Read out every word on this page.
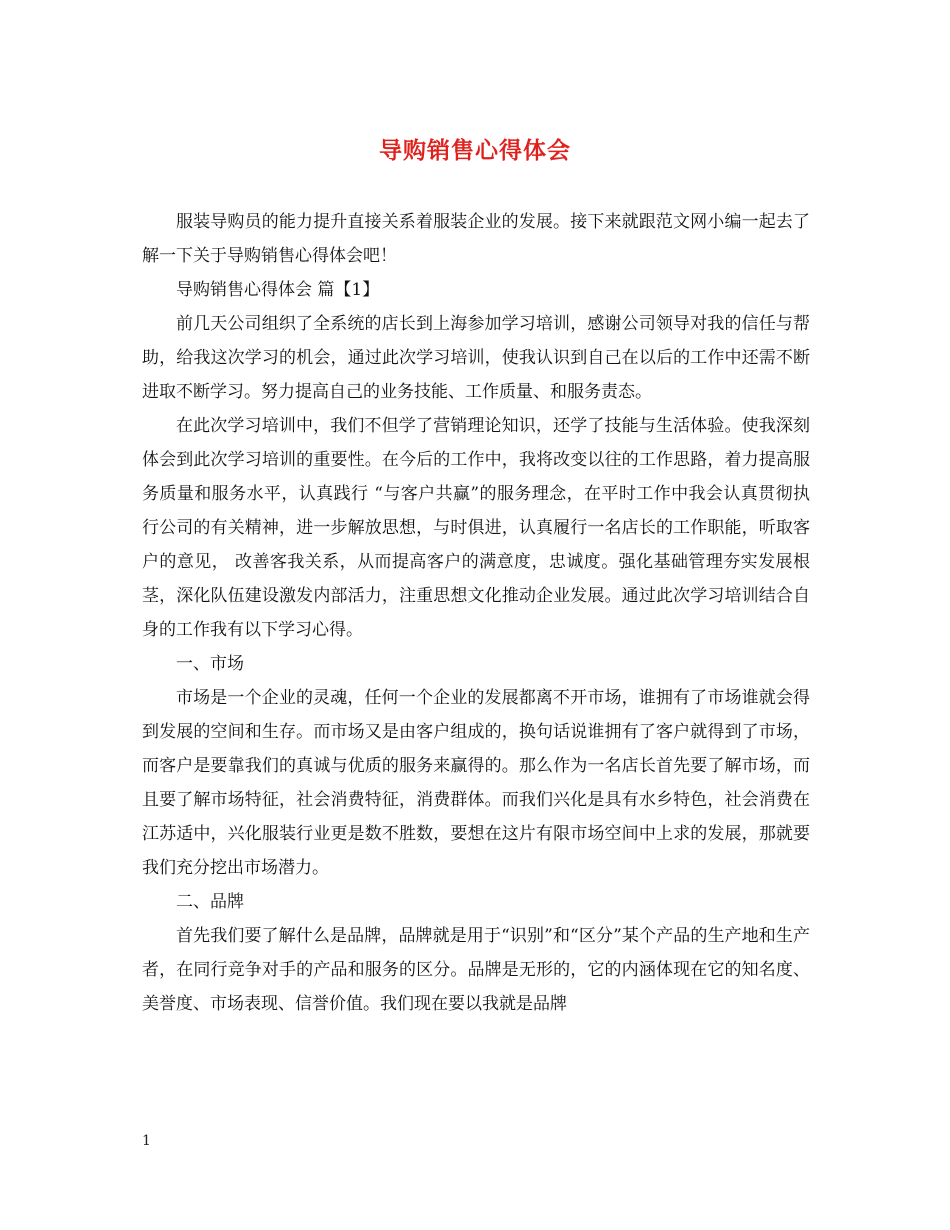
导购销售心得体会

服装导购员的能力提升直接关系着服装企业的发展。接下来就跟范文网小编一起去了解一下关于导购销售心得体会吧！

导购销售心得体会 篇【1】

前几天公司组织了全系统的店长到上海参加学习培训，感谢公司领导对我的信任与帮助，给我这次学习的机会，通过此次学习培训，使我认识到自己在以后的工作中还需不断进取不断学习。努力提高自己的业务技能、工作质量、和服务责态。

在此次学习培训中，我们不但学了营销理论知识，还学了技能与生活体验。使我深刻体会到此次学习培训的重要性。在今后的工作中，我将改变以往的工作思路，着力提高服务质量和服务水平，认真践行 “与客户共赢”的服务理念，在平时工作中我会认真贯彻执行公司的有关精神，进一步解放思想，与时俱进，认真履行一名店长的工作职能，听取客户的意见， 改善客我关系，从而提高客户的满意度，忠诚度。强化基础管理夯实发展根茎，深化队伍建设激发内部活力，注重思想文化推动企业发展。通过此次学习培训结合自身的工作我有以下学习心得。

一、市场

市场是一个企业的灵魂，任何一个企业的发展都离不开市场，谁拥有了市场谁就会得到发展的空间和生存。而市场又是由客户组成的，换句话说谁拥有了客户就得到了市场，而客户是要靠我们的真诚与优质的服务来赢得的。那么作为一名店长首先要了解市场，而且要了解市场特征，社会消费特征，消费群体。而我们兴化是具有水乡特色，社会消费在江苏适中，兴化服装行业更是数不胜数，要想在这片有限市场空间中上求的发展，那就要我们充分挖出市场潜力。

二、品牌

首先我们要了解什么是品牌，品牌就是用于“识别”和“区分”某个产品的生产地和生产者，在同行竞争对手的产品和服务的区分。品牌是无形的，它的内涵体现在它的知名度、美誉度、市场表现、信誉价值。我们现在要以我就是品牌

1
